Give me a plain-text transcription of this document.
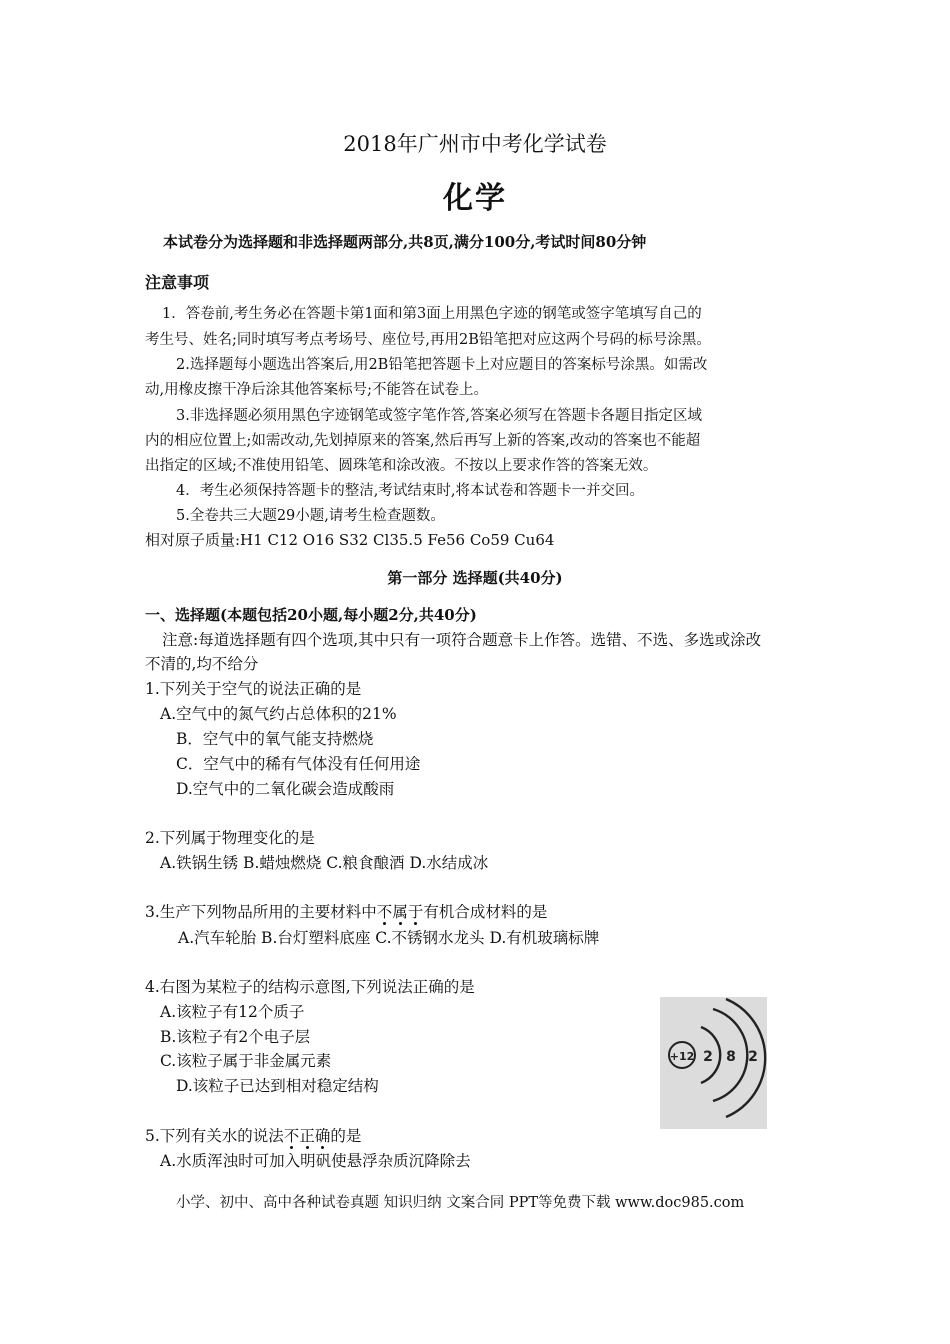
2018年广州市中考化学试卷
化学
本试卷分为选择题和非选择题两部分,共8页,满分100分,考试时间80分钟
注意事项
1．答卷前,考生务必在答题卡第1面和第3面上用黑色字迹的钢笔或签字笔填写自己的
考生号、姓名;同时填写考点考场号、座位号,再用2B铅笔把对应这两个号码的标号涂黑。
2.选择题每小题选出答案后,用2B铅笔把答题卡上对应题目的答案标号涂黑。如需改
动,用橡皮擦干净后涂其他答案标号;不能答在试卷上。
3.非选择题必须用黑色字迹钢笔或签字笔作答,答案必须写在答题卡各题目指定区域
内的相应位置上;如需改动,先划掉原来的答案,然后再写上新的答案,改动的答案也不能超
出指定的区域;不准使用铅笔、圆珠笔和涂改液。不按以上要求作答的答案无效。
4．考生必须保持答题卡的整洁,考试结束时,将本试卷和答题卡一并交回。
5.全卷共三大题29小题,请考生检查题数。
相对原子质量:H1 C12 O16 S32 Cl35.5 Fe56 Co59 Cu64
第一部分 选择题(共40分)
一、选择题(本题包括20小题,每小题2分,共40分)
注意:每道选择题有四个选项,其中只有一项符合题意卡上作答。选错、不选、多选或涂改
不清的,均不给分
1.下列关于空气的说法正确的是
A.空气中的氮气约占总体积的21%
B．空气中的氧气能支持燃烧
C．空气中的稀有气体没有任何用途
D.空气中的二氧化碳会造成酸雨
2.下列属于物理变化的是
A.铁锅生锈 B.蜡烛燃烧 C.粮食酿酒 D.水结成冰
3.生产下列物品所用的主要材料中不属于有机合成材料的是
A.汽车轮胎 B.台灯塑料底座 C.不锈钢水龙头 D.有机玻璃标牌
4.右图为某粒子的结构示意图,下列说法正确的是
A.该粒子有12个质子
B.该粒子有2个电子层
C.该粒子属于非金属元素
D.该粒子已达到相对稳定结构
+12 2 8 2
5.下列有关水的说法不正确的是
A.水质浑浊时可加入明矾使悬浮杂质沉降除去
小学、初中、高中各种试卷真题 知识归纳 文案合同 PPT等免费下载 www.doc985.com
